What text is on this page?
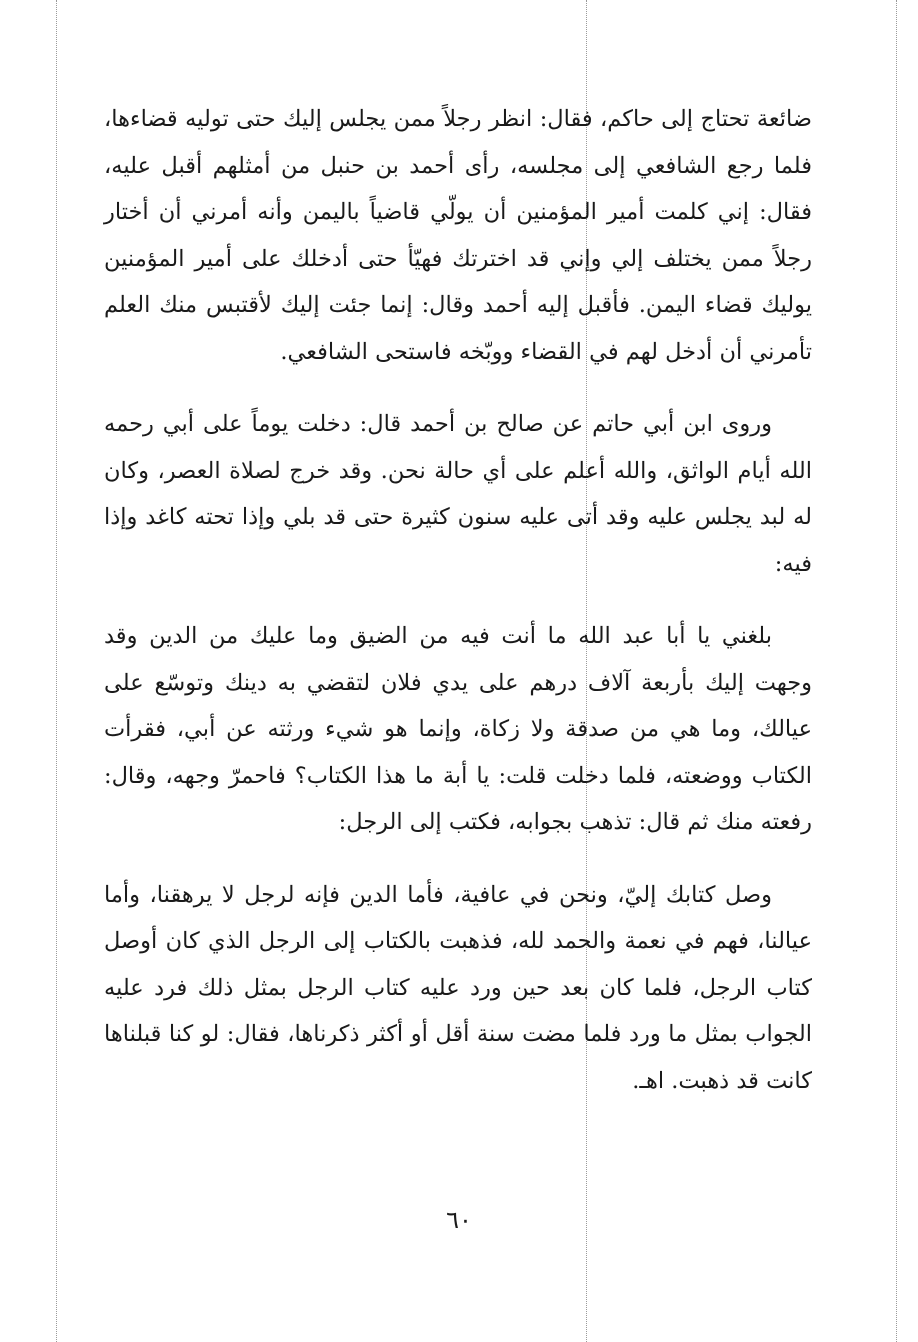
ضائعة تحتاج إلى حاكم، فقال: انظر رجلاً ممن يجلس إليك حتى توليه قضاءها، فلما رجع الشافعي إلى مجلسه، رأى أحمد بن حنبل من أمثلهم أقبل عليه، فقال: إني كلمت أمير المؤمنين أن يولّي قاضياً باليمن وأنه أمرني أن أختار رجلاً ممن يختلف إلي وإني قد اخترتك فهيّأ حتى أدخلك على أمير المؤمنين يوليك قضاء اليمن. فأقبل إليه أحمد وقال: إنما جئت إليك لأقتبس منك العلم تأمرني أن أدخل لهم في القضاء ووبّخه فاستحى الشافعي.

وروى ابن أبي حاتم عن صالح بن أحمد قال: دخلت يوماً على أبي رحمه الله أيام الواثق، والله أعلم على أي حالة نحن. وقد خرج لصلاة العصر، وكان له لبد يجلس عليه وقد أتى عليه سنون كثيرة حتى قد بلي وإذا تحته كاغد وإذا فيه:

بلغني يا أبا عبد الله ما أنت فيه من الضيق وما عليك من الدين وقد وجهت إليك بأربعة آلاف درهم على يدي فلان لتقضي به دينك وتوسّع على عيالك، وما هي من صدقة ولا زكاة، وإنما هو شيء ورثته عن أبي، فقرأت الكتاب ووضعته، فلما دخلت قلت: يا أبة ما هذا الكتاب؟ فاحمرّ وجهه، وقال: رفعته منك ثم قال: تذهب بجوابه، فكتب إلى الرجل:

وصل كتابك إليّ، ونحن في عافية، فأما الدين فإنه لرجل لا يرهقنا، وأما عيالنا، فهم في نعمة والحمد لله، فذهبت بالكتاب إلى الرجل الذي كان أوصل كتاب الرجل، فلما كان بعد حين ورد عليه كتاب الرجل بمثل ذلك فرد عليه الجواب بمثل ما ورد فلما مضت سنة أقل أو أكثر ذكرناها، فقال: لو كنا قبلناها كانت قد ذهبت. اهـ.

٦٠
